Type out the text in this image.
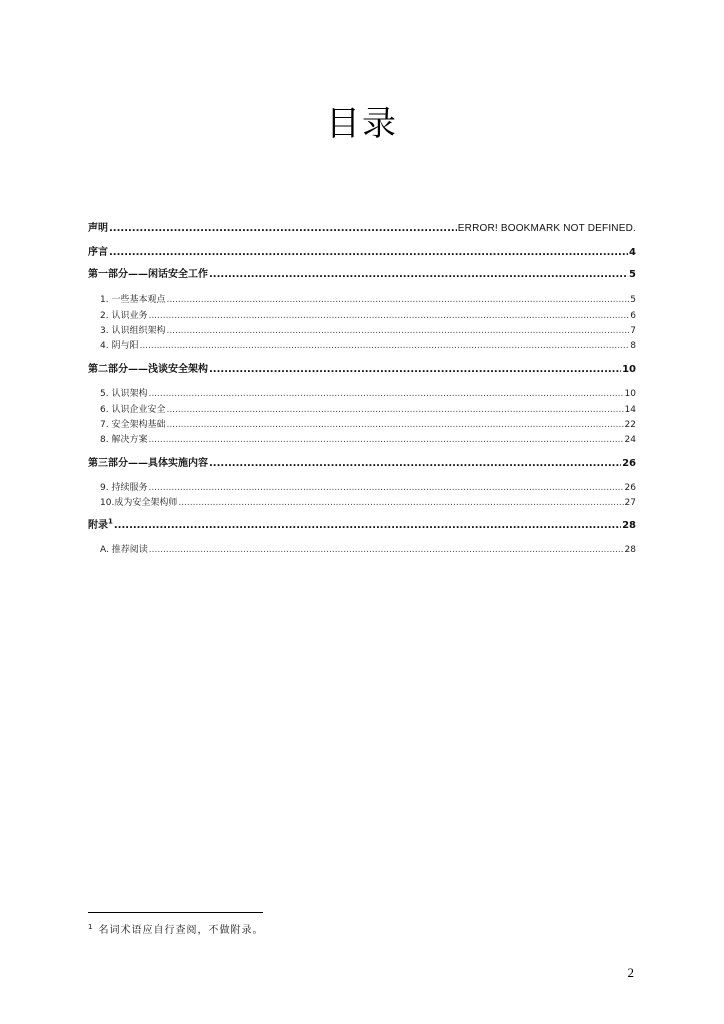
目录
声明 .....	ERROR! BOOKMARK NOT DEFINED.
序言 .....	4
第一部分——闲话安全工作 .....	5
1. 一些基本观点 .....	5
2. 认识业务 .....	6
3. 认识组织架构 .....	7
4. 阴与阳 .....	8
第二部分——浅谈安全架构 .....	10
5. 认识架构 .....	10
6. 认识企业安全 .....	14
7. 安全架构基础 .....	22
8. 解决方案 .....	24
第三部分——具体实施内容 .....	26
9. 持续服务 .....	26
10.成为安全架构师 .....	27
附录$^1$ .....	28
A. 推荐阅读 .....	28
$^1$ 名词术语应自行查阅，不做附录。
2
